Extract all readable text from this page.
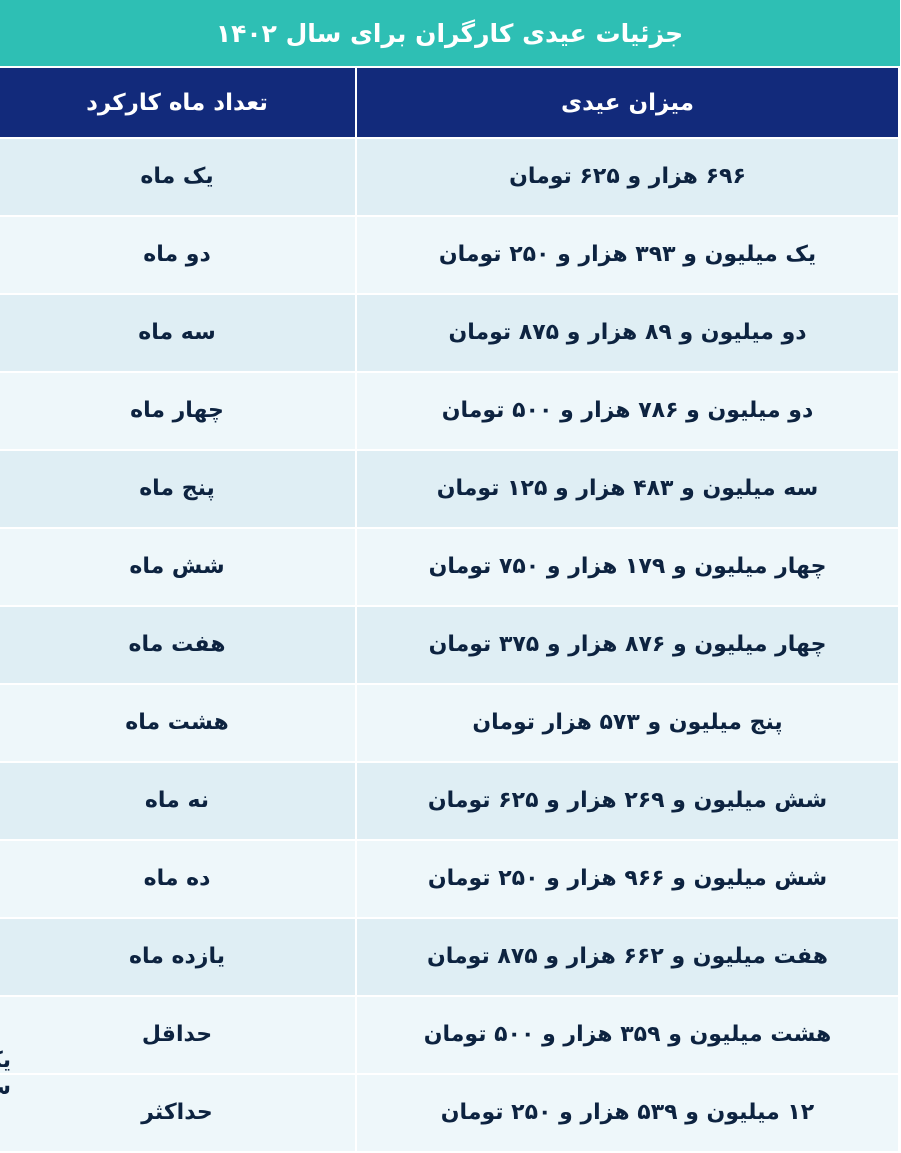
جزئیات عیدی کارگران برای سال ۱۴۰۲
میزان عیدی	تعداد ماه کارکرد	
۶۹۶ هزار و ۶۲۵ تومان	یک ماه	
یک میلیون و ۳۹۳ هزار و ۲۵۰ تومان	دو ماه	
دو میلیون و ۸۹ هزار و ۸۷۵ تومان	سه ماه	
دو میلیون و ۷۸۶ هزار و ۵۰۰ تومان	چهار ماه	
سه میلیون و ۴۸۳ هزار و ۱۲۵ تومان	پنج ماه	
چهار میلیون و ۱۷۹ هزار و ۷۵۰ تومان	شش ماه	
چهار میلیون و ۸۷۶ هزار و ۳۷۵ تومان	هفت ماه	
پنج میلیون و ۵۷۳ هزار تومان	هشت ماه	
شش میلیون و ۲۶۹ هزار و ۶۲۵ تومان	نه ماه	
شش میلیون و ۹۶۶ هزار و ۲۵۰ تومان	ده ماه	
هفت میلیون و ۶۶۲ هزار و ۸۷۵ تومان	یازده ماه	
هشت میلیون و ۳۵۹ هزار و ۵۰۰ تومان	حداقل	
۱۲ میلیون و ۵۳۹ هزار و ۲۵۰ تومان	حداکثر	
